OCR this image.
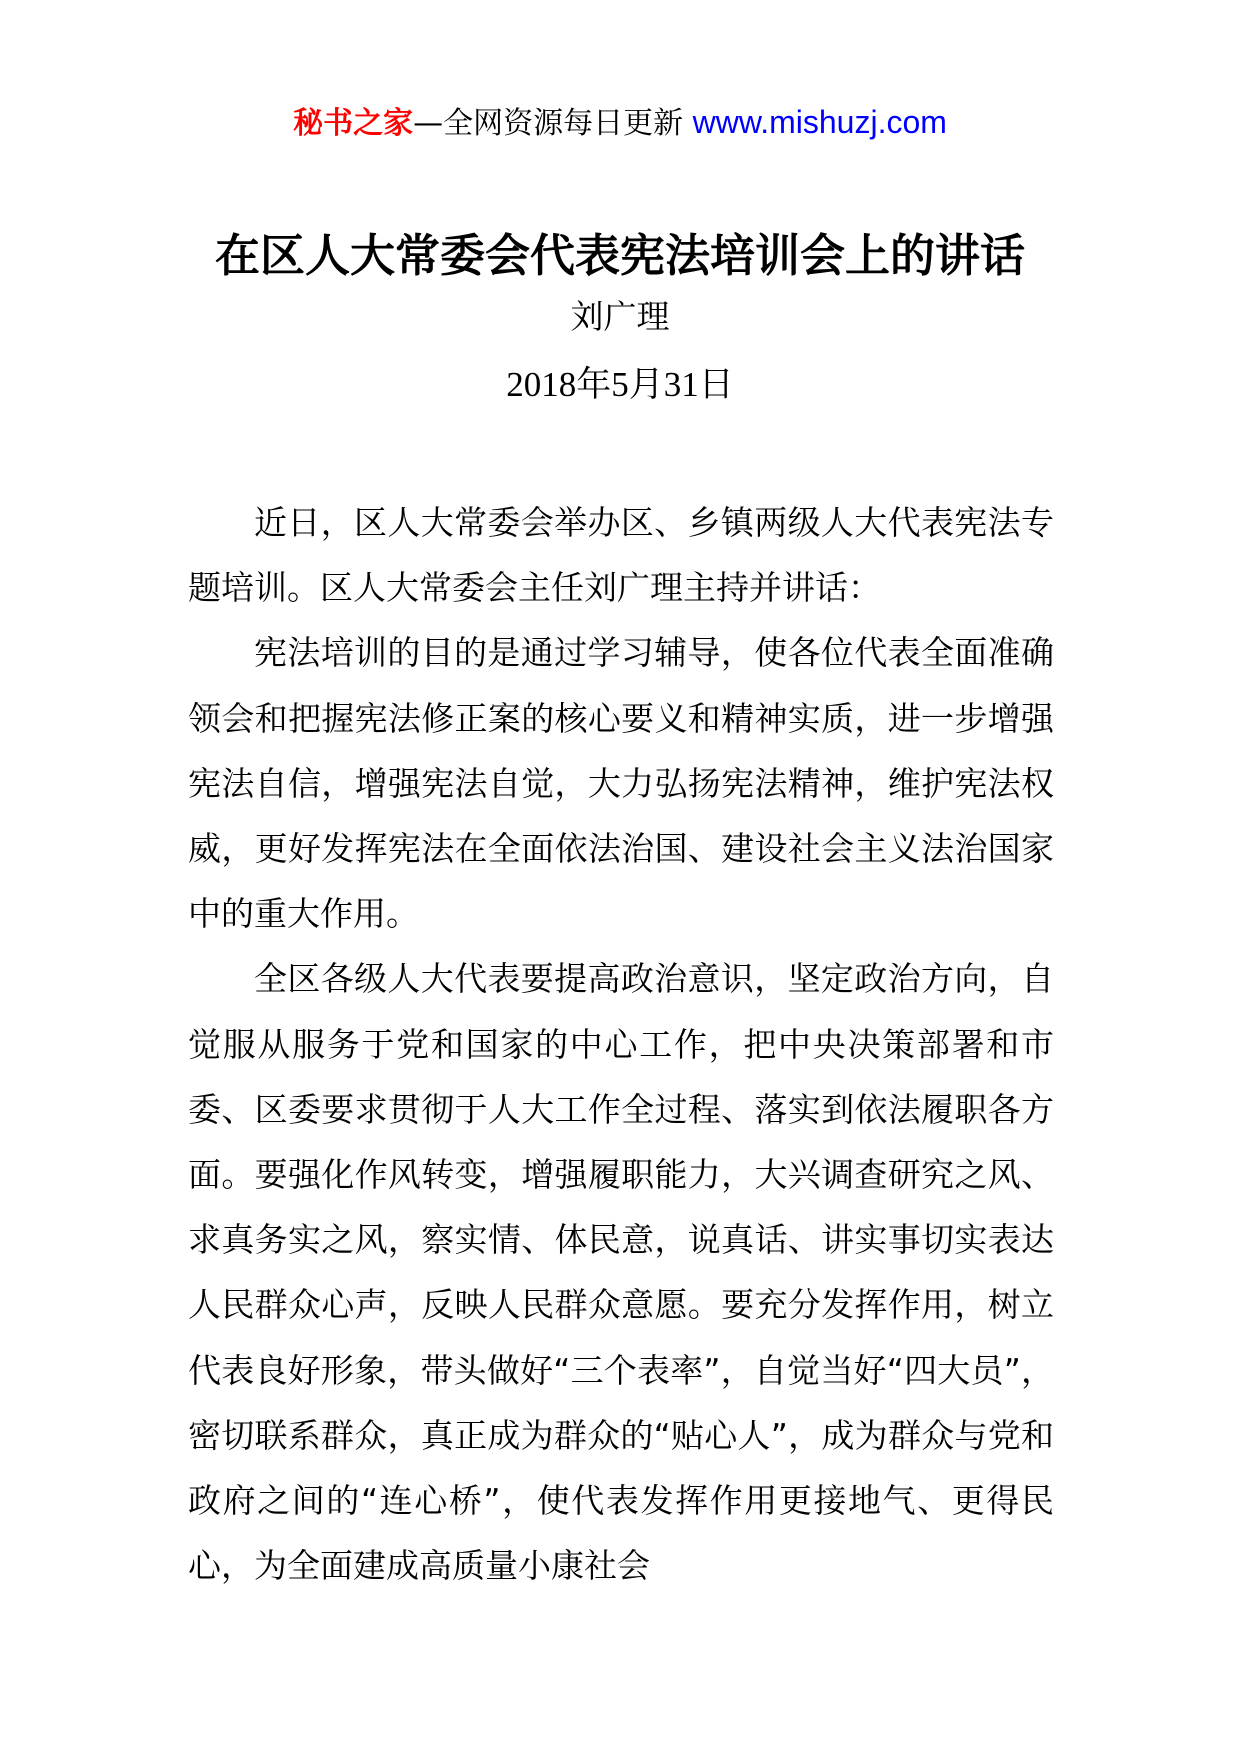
秘书之家—全网资源每日更新 www.mishuzj.com
在区人大常委会代表宪法培训会上的讲话
刘广理
2018年5月31日

近日，区人大常委会举办区、乡镇两级人大代表宪法专题培训。区人大常委会主任刘广理主持并讲话：

宪法培训的目的是通过学习辅导，使各位代表全面准确领会和把握宪法修正案的核心要义和精神实质，进一步增强宪法自信，增强宪法自觉，大力弘扬宪法精神，维护宪法权威，更好发挥宪法在全面依法治国、建设社会主义法治国家中的重大作用。

全区各级人大代表要提高政治意识，坚定政治方向，自觉服从服务于党和国家的中心工作，把中央决策部署和市委、区委要求贯彻于人大工作全过程、落实到依法履职各方面。要强化作风转变，增强履职能力，大兴调查研究之风、求真务实之风，察实情、体民意，说真话、讲实事切实表达人民群众心声，反映人民群众意愿。要充分发挥作用，树立代表良好形象，带头做好“三个表率”，自觉当好“四大员”，密切联系群众，真正成为群众的“贴心人”，成为群众与党和政府之间的“连心桥”，使代表发挥作用更接地气、更得民心，为全面建成高质量小康社会
